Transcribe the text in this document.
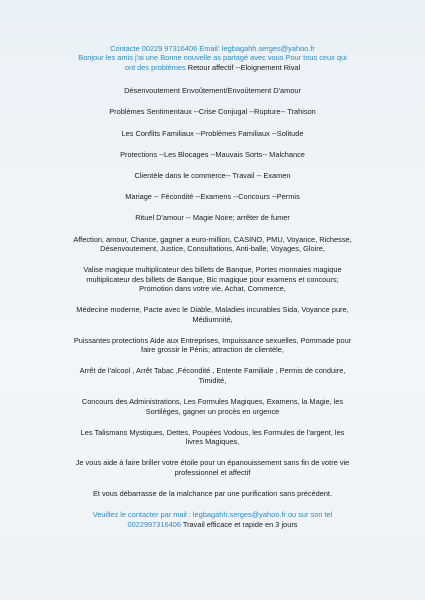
Contacte 00229 97316406 Email: legbagahh.serges@yahoo.fr
Bonjour les amis j'ai une Bonne nouvelle as partagé avec vous Pour tous ceux qui
ont des problèmes Retour affectif --Eloignement Rival
Désenvoutement Envoûtement/Envoûtement D'amour
Problèmes Sentimentaux --Crise Conjugal --Rupture-- Trahison
Les Conflits Familiaux --Problèmes Familiaux --Solitude
Protections --Les Blocages --Mauvais Sorts-- Malchance
Clientèle dans le commerce-- Travail -- Examen
Mariage -- Fécondité --Examens --Concours --Permis
Rituel D'amour -- Magie Noire; arrêter de fumer
Affection, amour, Chance, gagner a euro-million, CASINO, PMU, Voyance, Richesse,
Désenvoutement, Justice, Consultations, Anti-balle, Voyages, Gloire,
Valise magique multiplicateur des billets de Banque, Portes monnaies magique
multiplicateur des billets de Banque, Bic magique pour examens et concours;
Promotion dans votre vie, Achat, Commerce,
Médecine moderne, Pacte avec le Diable, Maladies incurables Sida, Voyance pure,
Médiumnité,
Puissantes protections Aide aux Entreprises, Impuissance sexuelles, Pommade pour
faire grossir le Pénis; attraction de clientèle,
Arrêt de l'alcool , Arrêt Tabac ,Fécondité , Entente Familiale , Permis de conduire,
Timidité,
Concours des Administrations, Les Formules Magiques, Examens, la Magie, les
Sortilèges, gagner un procès en urgence
Les Talismans Mystiques, Dettes, Poupées Vodous, les Formules de l'argent, les
livres Magiques,
Je vous aide à faire briller votre étoile pour un épanouissement sans fin de votre vie
professionnel et affectif
Et vous débarrasse de la malchance par une purification sans précédent.
Veuillez le contacter par mail : legbagahh.serges@yahoo.fr ou sur son tel
0022997316406 Travail efficace et rapide en 3 jours
